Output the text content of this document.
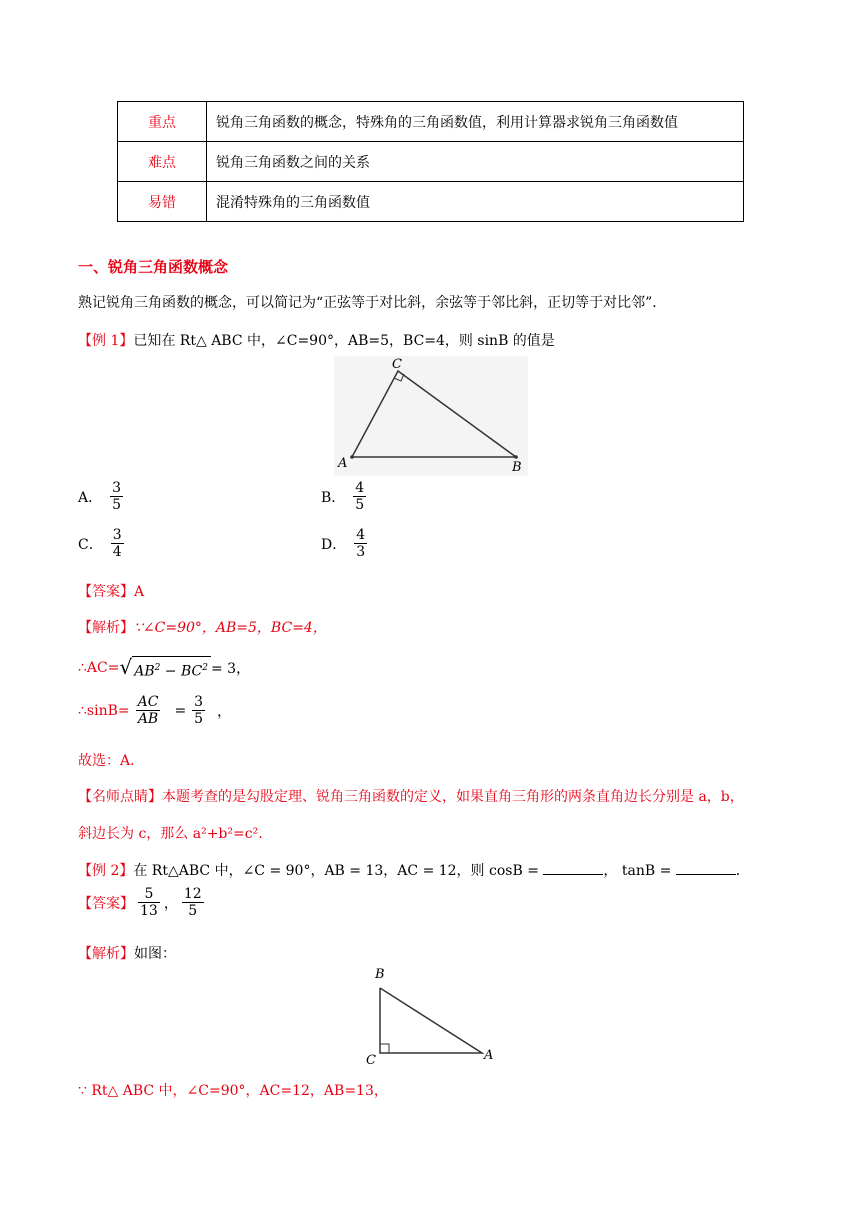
重点	锐角三角函数的概念，特殊角的三角函数值，利用计算器求锐角三角函数值
难点	锐角三角函数之间的关系
易错	混淆特殊角的三角函数值
一、锐角三角函数概念
熟记锐角三角函数的概念，可以简记为“正弦等于对比斜，余弦等于邻比斜，正切等于对比邻”．
【例 1】已知在 Rt△ ABC 中，∠C=90°，AB=5，BC=4，则 sinB 的值是
A	B
C
A． $\frac{3}{5}$	B． $\frac{4}{5}$
C． $\frac{3}{4}$	D． $\frac{4}{3}$
【答案】A
【解析】∵∠C=90°，AB=5，BC=4，
∴AC= √ $AB^2 - BC^2 = 3$，
∴sinB= $\frac{AC}{AB} = \frac{3}{5}$ ，
故选：A．
【名师点睛】本题考查的是勾股定理、锐角三角函数的定义，如果直角三角形的两条直角边长分别是 a，b，
斜边长为 c，那么 a²+b²=c².
【例 2】在 Rt△ABC 中，∠C = 90°，AB = 13，AC = 12，则 cosB =	， tanB =	．
【答案】 $\frac{5}{13}$ ， $\frac{12}{5}$
【解析】如图：
B
C	A
∵ Rt△ ABC 中，∠C=90°，AC=12，AB=13，
